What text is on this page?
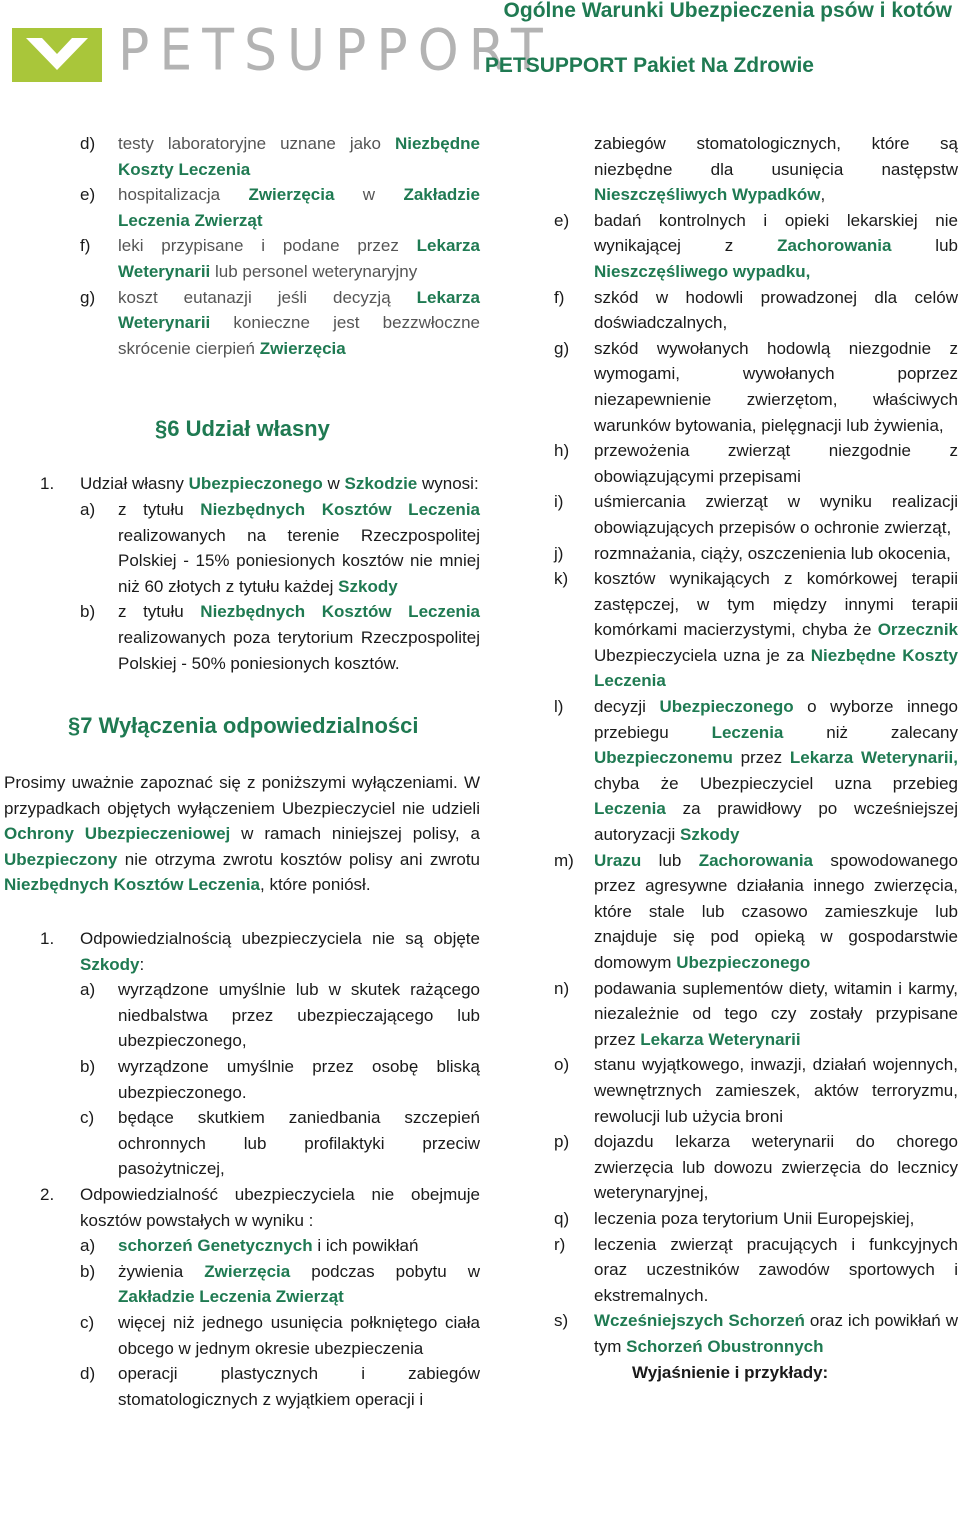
PETSUPPORT
Ogólne Warunki Ubezpieczenia psów i kotów
PETSUPPORT Pakiet Na Zdrowie
d) testy laboratoryjne uznane jako Niezbędne Koszty Leczenia
e) hospitalizacja Zwierzęcia w Zakładzie Leczenia Zwierząt
f) leki przypisane i podane przez Lekarza Weterynarii lub personel weterynaryjny
g) koszt eutanazji jeśli decyzją Lekarza Weterynarii konieczne jest bezzwłoczne skrócenie cierpień Zwierzęcia
§6 Udział własny
1. Udział własny Ubezpieczonego w Szkodzie wynosi:
a) z tytułu Niezbędnych Kosztów Leczenia realizowanych na terenie Rzeczpospolitej Polskiej - 15% poniesionych kosztów nie mniej niż 60 złotych z tytułu każdej Szkody
b) z tytułu Niezbędnych Kosztów Leczenia realizowanych poza terytorium Rzeczpospolitej Polskiej - 50% poniesionych kosztów.
§7 Wyłączenia odpowiedzialności
Prosimy uważnie zapoznać się z poniższymi wyłączeniami. W przypadkach objętych wyłączeniem Ubezpieczyciel nie udzieli Ochrony Ubezpieczeniowej w ramach niniejszej polisy, a Ubezpieczony nie otrzyma zwrotu kosztów polisy ani zwrotu Niezbędnych Kosztów Leczenia, które poniósł.
1. Odpowiedzialnością ubezpieczyciela nie są objęte Szkody:
a) wyrządzone umyślnie lub w skutek rażącego niedbalstwa przez ubezpieczającego lub ubezpieczonego,
b) wyrządzone umyślnie przez osobę bliską ubezpieczonego.
c) będące skutkiem zaniedbania szczepień ochronnych lub profilaktyki przeciw pasożytniczej,
2. Odpowiedzialność ubezpieczyciela nie obejmuje kosztów powstałych w wyniku :
a) schorzeń Genetycznych i ich powikłań
b) żywienia Zwierzęcia podczas pobytu w Zakładzie Leczenia Zwierząt
c) więcej niż jednego usunięcia połkniętego ciała obcego w jednym okresie ubezpieczenia
d) operacji plastycznych i zabiegów stomatologicznych z wyjątkiem operacji i
zabiegów stomatologicznych, które są niezbędne dla usunięcia następstw Nieszczęśliwych Wypadków,
e) badań kontrolnych i opieki lekarskiej nie wynikającej z Zachorowania lub Nieszczęśliwego wypadku,
f) szkód w hodowli prowadzonej dla celów doświadczalnych,
g) szkód wywołanych hodowlą niezgodnie z wymogami, wywołanych poprzez niezapewnienie zwierzętom, właściwych warunków bytowania, pielęgnacji lub żywienia,
h) przewożenia zwierząt niezgodnie z obowiązującymi przepisami
i) uśmiercania zwierząt w wyniku realizacji obowiązujących przepisów o ochronie zwierząt,
j) rozmnażania, ciąży, oszczenienia lub okocenia,
k) kosztów wynikających z komórkowej terapii zastępczej, w tym między innymi terapii komórkami macierzystymi, chyba że Orzecznik Ubezpieczyciela uzna je za Niezbędne Koszty Leczenia
l) decyzji Ubezpieczonego o wyborze innego przebiegu Leczenia niż zalecany Ubezpieczonemu przez Lekarza Weterynarii, chyba że Ubezpieczyciel uzna przebieg Leczenia za prawidłowy po wcześniejszej autoryzacji Szkody
m) Urazu lub Zachorowania spowodowanego przez agresywne działania innego zwierzęcia, które stale lub czasowo zamieszkuje lub znajduje się pod opieką w gospodarstwie domowym Ubezpieczonego
n) podawania suplementów diety, witamin i karmy, niezależnie od tego czy zostały przypisane przez Lekarza Weterynarii
o) stanu wyjątkowego, inwazji, działań wojennych, wewnętrznych zamieszek, aktów terroryzmu, rewolucji lub użycia broni
p) dojazdu lekarza weterynarii do chorego zwierzęcia lub dowozu zwierzęcia do lecznicy weterynaryjnej,
q) leczenia poza terytorium Unii Europejskiej,
r) leczenia zwierząt pracujących i funkcyjnych oraz uczestników zawodów sportowych i ekstremalnych.
s) Wcześniejszych Schorzeń oraz ich powikłań w tym Schorzeń Obustronnych
Wyjaśnienie i przykłady:
